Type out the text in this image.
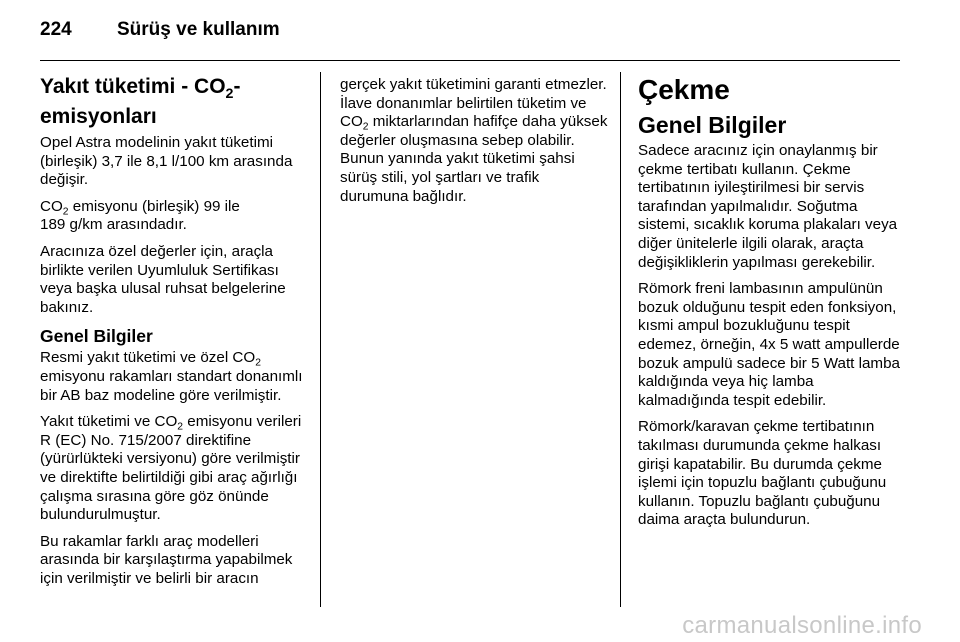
224 Sürüş ve kullanım
Yakıt tüketimi - $CO_2-$
emisyonları

Opel Astra modelinin yakıt tüketimi (birleşik) 3,7 ile 8,1 l/100 km arasında değişir.

$CO_2$ emisyonu (birleşik) 99 ile
189 g/km arasındadır.

Aracınıza özel değerler için, araçla birlikte verilen Uyumluluk Sertifikası veya başka ulusal ruhsat belgelerine bakınız.

Genel Bilgiler

Resmi yakıt tüketimi ve özel $CO_2$
emisyonu rakamları standart donanımlı bir AB baz modeline göre verilmiştir.

Yakıt tüketimi ve $CO_2$ emisyonu verileri R (EC) No. 715/2007 direktifine (yürürlükteki versiyonu) göre verilmiştir ve direktifte belirtildiği gibi araç ağırlığı çalışma sırasına göre göz önünde bulundurulmuştur.

Bu rakamlar farklı araç modelleri arasında bir karşılaştırma yapabilmek için verilmiştir ve belirli bir aracın

gerçek yakıt tüketimini garanti etmezler. İlave donanımlar belirtilen tüketim ve $CO_2$ miktarlarından hafifçe daha yüksek değerler oluşmasına sebep olabilir. Bunun yanında yakıt tüketimi şahsi sürüş stili, yol şartları ve trafik durumuna bağlıdır.

Çekme
Genel Bilgiler

Sadece aracınız için onaylanmış bir çekme tertibatı kullanın. Çekme tertibatının iyileştirilmesi bir servis tarafından yapılmalıdır. Soğutma sistemi, sıcaklık koruma plakaları veya diğer ünitelerle ilgili olarak, araçta değişikliklerin yapılması gerekebilir.

Römork freni lambasının ampulünün bozuk olduğunu tespit eden fonksiyon, kısmi ampul bozukluğunu tespit edemez, örneğin, 4x 5 watt ampullerde bozuk ampulü sadece bir 5 Watt lamba kaldığında veya hiç lamba kalmadığında tespit edebilir.

Römork/karavan çekme tertibatının takılması durumunda çekme halkası girişi kapatabilir. Bu durumda çekme işlemi için topuzlu bağlantı çubuğunu kullanın. Topuzlu bağlantı çubuğunu daima araçta bulundurun.

carmanualsonline.info
